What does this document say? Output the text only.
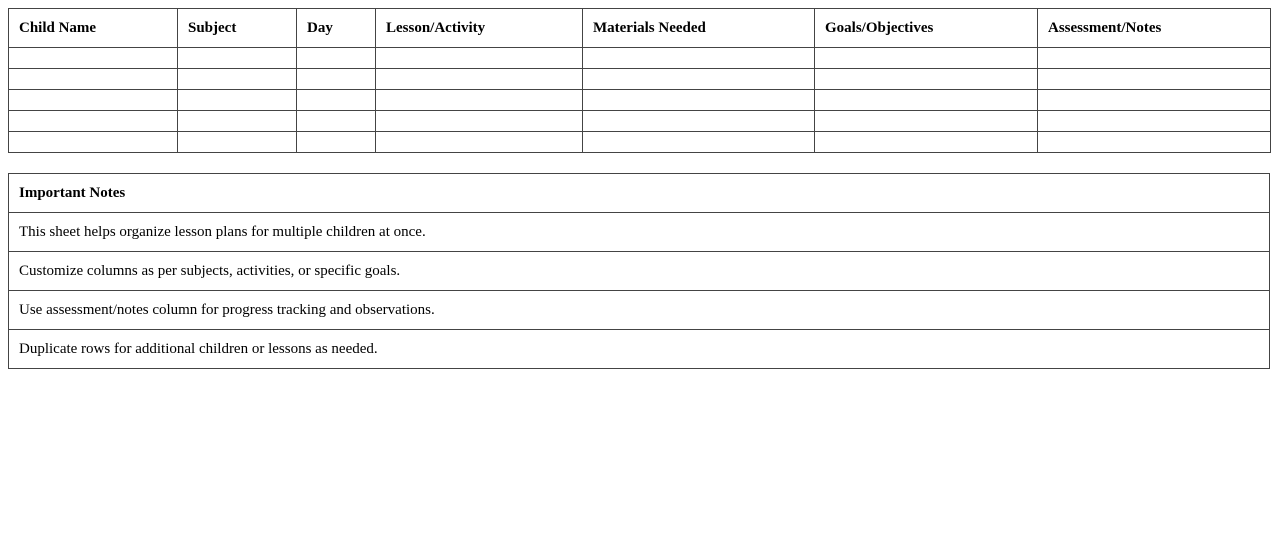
Child Name	Subject	Day	Lesson/Activity	Materials Needed	Goals/Objectives	Assessment/Notes

Important Notes
This sheet helps organize lesson plans for multiple children at once.
Customize columns as per subjects, activities, or specific goals.
Use assessment/notes column for progress tracking and observations.
Duplicate rows for additional children or lessons as needed.
